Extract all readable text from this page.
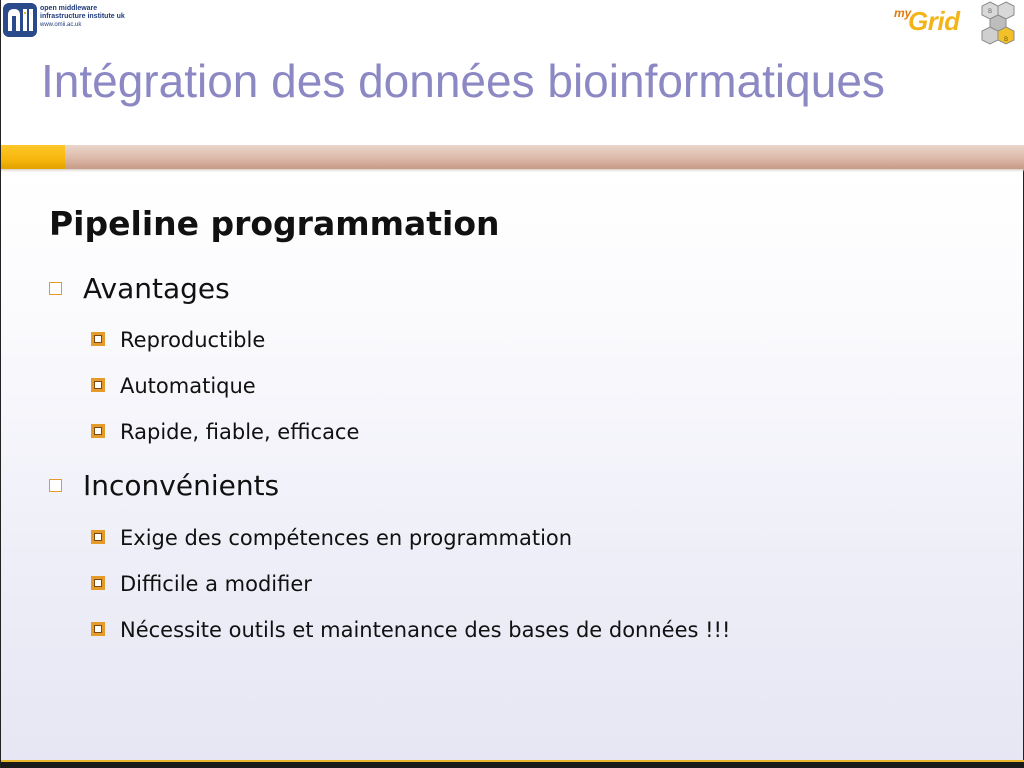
open middleware
infrastructure institute uk
www.omii.ac.uk
my
Grid	B
B
Intégration des données bioinformatiques
Pipeline programmation
Avantages
Reproductible
Automatique
Rapide, fiable, efficace
Inconvénients
Exige des compétences en programmation
Difficile a modifier
Nécessite outils et maintenance des bases de données !!!
